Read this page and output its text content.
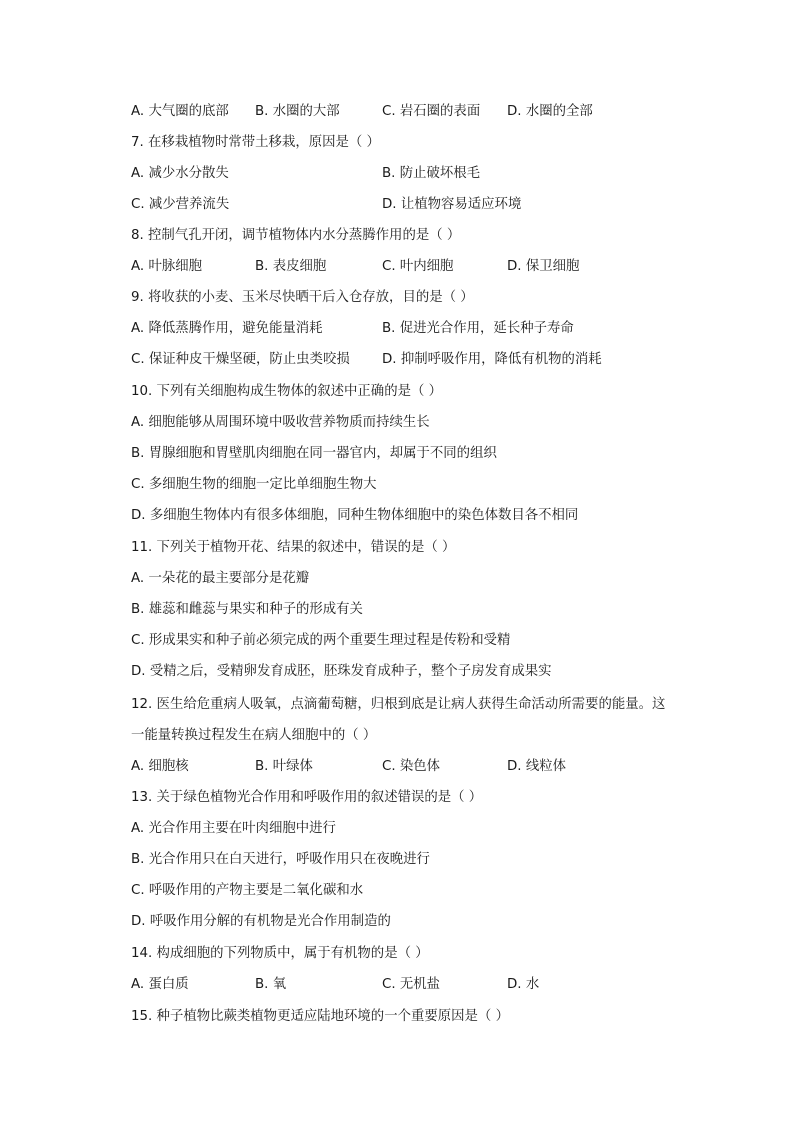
A. 大气圈的底部 B. 水圈的大部	C. 岩石圈的表面 D. 水圈的全部
7. 在移栽植物时常带土移栽，原因是（ ）
A. 减少水分散失	B. 防止破坏根毛
C. 减少营养流失	D. 让植物容易适应环境
8. 控制气孔开闭，调节植物体内水分蒸腾作用的是（ ）
A. 叶脉细胞	B. 表皮细胞	C. 叶内细胞	D. 保卫细胞
9. 将收获的小麦、玉米尽快晒干后入仓存放，目的是（ ）
A. 降低蒸腾作用，避免能量消耗	B. 促进光合作用，延长种子寿命
C. 保证种皮干燥坚硬，防止虫类咬损 D. 抑制呼吸作用，降低有机物的消耗
10. 下列有关细胞构成生物体的叙述中正确的是（ ）
A. 细胞能够从周围环境中吸收营养物质而持续生长
B. 胃腺细胞和胃壁肌肉细胞在同一器官内，却属于不同的组织
C. 多细胞生物的细胞一定比单细胞生物大
D. 多细胞生物体内有很多体细胞，同种生物体细胞中的染色体数目各不相同
11. 下列关于植物开花、结果的叙述中，错误的是（ ）
A. 一朵花的最主要部分是花瓣
B. 雄蕊和雌蕊与果实和种子的形成有关
C. 形成果实和种子前必须完成的两个重要生理过程是传粉和受精
D. 受精之后，受精卵发育成胚，胚珠发育成种子，整个子房发育成果实
12. 医生给危重病人吸氧，点滴葡萄糖，归根到底是让病人获得生命活动所需要的能量。这
一能量转换过程发生在病人细胞中的（ ）
A. 细胞核	B. 叶绿体	C. 染色体	D. 线粒体
13. 关于绿色植物光合作用和呼吸作用的叙述错误的是（ ）
A. 光合作用主要在叶肉细胞中进行
B. 光合作用只在白天进行，呼吸作用只在夜晚进行
C. 呼吸作用的产物主要是二氧化碳和水
D. 呼吸作用分解的有机物是光合作用制造的
14. 构成细胞的下列物质中，属于有机物的是（ ）
A. 蛋白质	B. 氧	C. 无机盐	D. 水
15. 种子植物比蕨类植物更适应陆地环境的一个重要原因是（ ）
